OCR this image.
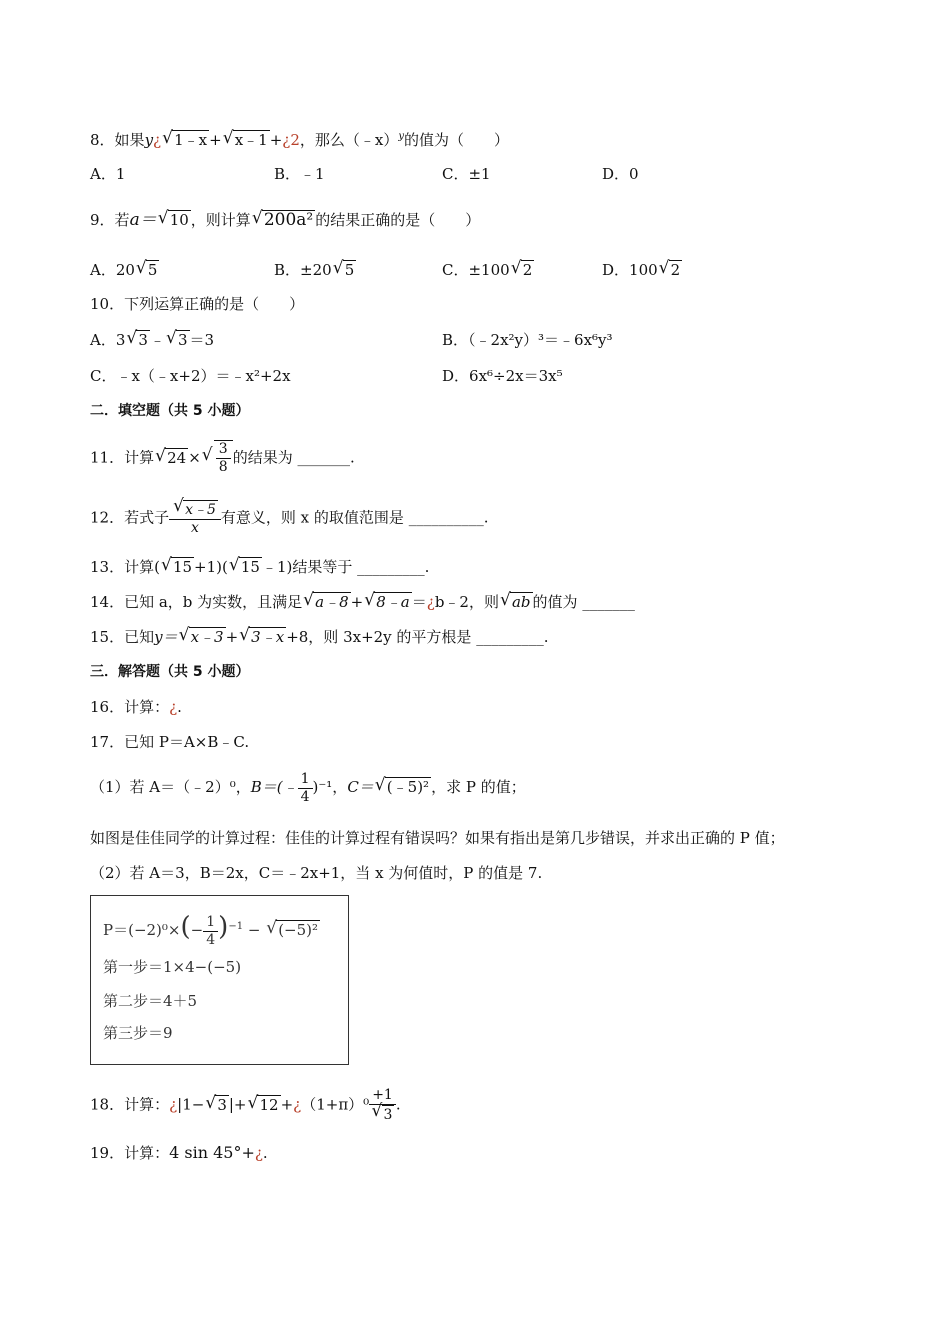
8．如果y¿ √ 1﹣x + √ x﹣1 +¿2，那么（﹣x）$^y$的值为（　　）
A．1	B．﹣1	C．±1	D．0
9．若a＝ √ 10 ，则计算 √ 200a² 的结果正确的是（　　）
A．20 √ 5	B．±20 √ 5	C．±100 √ 2	D．100 √ 2
10．下列运算正确的是（　　）
A．3 √ 3 ﹣ √ 3 ＝3	B．（﹣2x²y）³＝﹣6x⁶y³
C．﹣x（﹣x+2）＝﹣x²+2x	D．6x⁶÷2x＝3x⁵
二．填空题（共 5 小题）
11．计算 √ 24 × √ $\frac{3}{8}$ 的结果为 _______.
12．若式子 √ $\frac{x﹣5}{x}$ 有意义，则 x 的取值范围是 __________.
13．计算( √ 15 +1)( √ 15 ﹣1)结果等于 _________.
14．已知 a，b 为实数，且满足 √ a﹣8 + √ 8﹣a ＝¿b﹣2，则 √ ab 的值为 _______
15．已知y＝ √ x﹣3 + √ 3﹣x +8，则 3x+2y 的平方根是 _________.
三．解答题（共 5 小题）
16．计算：¿.
17．已知 P＝A×B﹣C.
（1）若 A＝（﹣2）⁰，B＝(﹣ $\frac{1}{4} )^{-1}$，C＝ √ (﹣5)² ，求 P 的值；
如图是佳佳同学的计算过程：佳佳的计算过程有错误吗？如果有指出是第几步错误，并求出正确的 P 值；
（2）若 A＝3，B＝2x，C＝﹣2x+1，当 x 为何值时，P 的值是 7.
$P=(-2)^0\times(- \frac{1}{4} )^{-1}$ − √ (−5)²
第一步＝1×4−(−5)
第二步＝4＋5
第三步＝9
18．计算：¿|1− √ 3 |+ √ 12 +¿（1+π）⁰ +1
√ 3 .
19．计算：4 sin 45°+¿.
